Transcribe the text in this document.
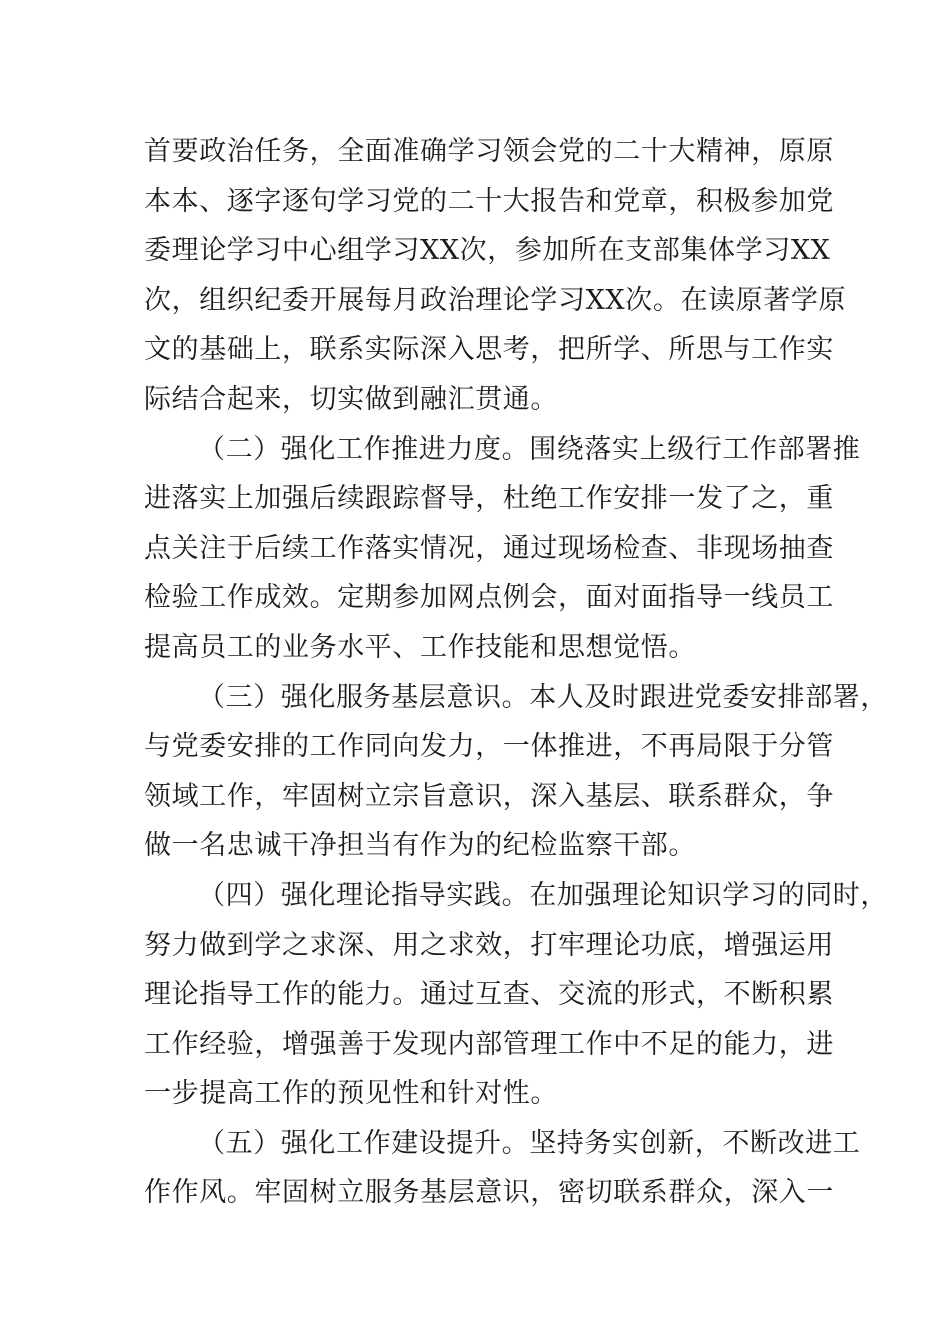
首要政治任务，全面准确学习领会党的二十大精神，原原
本本、逐字逐句学习党的二十大报告和党章，积极参加党
委理论学习中心组学习XX次，参加所在支部集体学习XX
次，组织纪委开展每月政治理论学习XX次。在读原著学原
文的基础上，联系实际深入思考，把所学、所思与工作实
际结合起来，切实做到融汇贯通。
（二）强化工作推进力度。围绕落实上级行工作部署推
进落实上加强后续跟踪督导，杜绝工作安排一发了之，重
点关注于后续工作落实情况，通过现场检查、非现场抽查
检验工作成效。定期参加网点例会，面对面指导一线员工
提高员工的业务水平、工作技能和思想觉悟。
（三）强化服务基层意识。本人及时跟进党委安排部署，
与党委安排的工作同向发力，一体推进，不再局限于分管
领域工作，牢固树立宗旨意识，深入基层、联系群众，争
做一名忠诚干净担当有作为的纪检监察干部。
（四）强化理论指导实践。在加强理论知识学习的同时，
努力做到学之求深、用之求效，打牢理论功底，增强运用
理论指导工作的能力。通过互查、交流的形式，不断积累
工作经验，增强善于发现内部管理工作中不足的能力，进
一步提高工作的预见性和针对性。
（五）强化工作建设提升。坚持务实创新，不断改进工
作作风。牢固树立服务基层意识，密切联系群众，深入一
